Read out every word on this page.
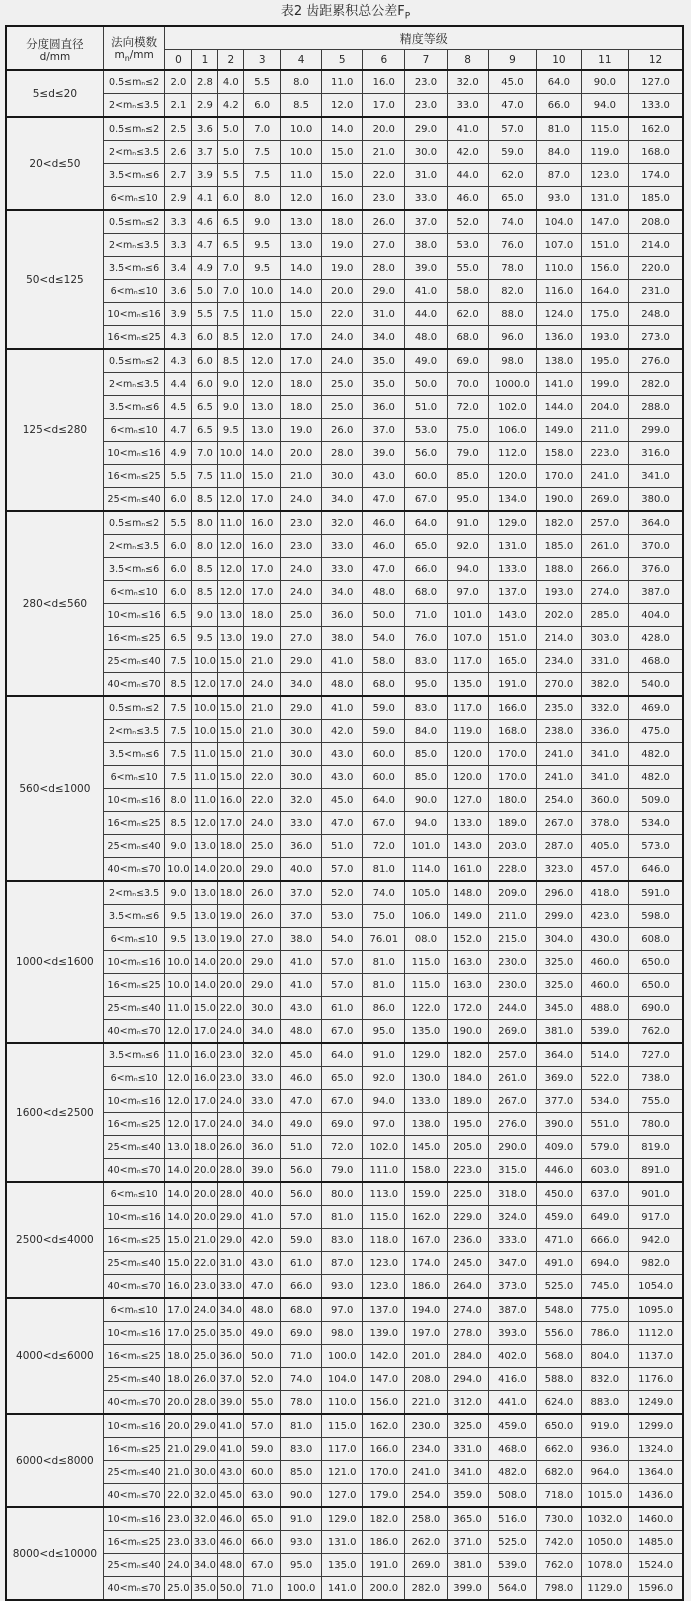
表2 齿距累积总公差$F_P$
分度圆直径
d/mm	法向模数
$m_n/mm$	精度等级												
		0	1	2	3	4	5	6	7	8	9	10	11	12
5≤d≤20	0.5≤mₙ≤2	2.0	2.8	4.0	5.5	8.0	11.0	16.0	23.0	32.0	45.0	64.0	90.0	127.0
	2<mₙ≤3.5	2.1	2.9	4.2	6.0	8.5	12.0	17.0	23.0	33.0	47.0	66.0	94.0	133.0
20<d≤50	0.5≤mₙ≤2	2.5	3.6	5.0	7.0	10.0	14.0	20.0	29.0	41.0	57.0	81.0	115.0	162.0
	2<mₙ≤3.5	2.6	3.7	5.0	7.5	10.0	15.0	21.0	30.0	42.0	59.0	84.0	119.0	168.0
	3.5<mₙ≤6	2.7	3.9	5.5	7.5	11.0	15.0	22.0	31.0	44.0	62.0	87.0	123.0	174.0
	6<mₙ≤10	2.9	4.1	6.0	8.0	12.0	16.0	23.0	33.0	46.0	65.0	93.0	131.0	185.0
50<d≤125	0.5≤mₙ≤2	3.3	4.6	6.5	9.0	13.0	18.0	26.0	37.0	52.0	74.0	104.0	147.0	208.0
	2<mₙ≤3.5	3.3	4.7	6.5	9.5	13.0	19.0	27.0	38.0	53.0	76.0	107.0	151.0	214.0
	3.5<mₙ≤6	3.4	4.9	7.0	9.5	14.0	19.0	28.0	39.0	55.0	78.0	110.0	156.0	220.0
	6<mₙ≤10	3.6	5.0	7.0	10.0	14.0	20.0	29.0	41.0	58.0	82.0	116.0	164.0	231.0
	10<mₙ≤16	3.9	5.5	7.5	11.0	15.0	22.0	31.0	44.0	62.0	88.0	124.0	175.0	248.0
	16<mₙ≤25	4.3	6.0	8.5	12.0	17.0	24.0	34.0	48.0	68.0	96.0	136.0	193.0	273.0
125<d≤280	0.5≤mₙ≤2	4.3	6.0	8.5	12.0	17.0	24.0	35.0	49.0	69.0	98.0	138.0	195.0	276.0
	2<mₙ≤3.5	4.4	6.0	9.0	12.0	18.0	25.0	35.0	50.0	70.0	1000.0	141.0	199.0	282.0
	3.5<mₙ≤6	4.5	6.5	9.0	13.0	18.0	25.0	36.0	51.0	72.0	102.0	144.0	204.0	288.0
	6<mₙ≤10	4.7	6.5	9.5	13.0	19.0	26.0	37.0	53.0	75.0	106.0	149.0	211.0	299.0
	10<mₙ≤16	4.9	7.0	10.0	14.0	20.0	28.0	39.0	56.0	79.0	112.0	158.0	223.0	316.0
	16<mₙ≤25	5.5	7.5	11.0	15.0	21.0	30.0	43.0	60.0	85.0	120.0	170.0	241.0	341.0
	25<mₙ≤40	6.0	8.5	12.0	17.0	24.0	34.0	47.0	67.0	95.0	134.0	190.0	269.0	380.0
280<d≤560	0.5≤mₙ≤2	5.5	8.0	11.0	16.0	23.0	32.0	46.0	64.0	91.0	129.0	182.0	257.0	364.0
	2<mₙ≤3.5	6.0	8.0	12.0	16.0	23.0	33.0	46.0	65.0	92.0	131.0	185.0	261.0	370.0
	3.5<mₙ≤6	6.0	8.5	12.0	17.0	24.0	33.0	47.0	66.0	94.0	133.0	188.0	266.0	376.0
	6<mₙ≤10	6.0	8.5	12.0	17.0	24.0	34.0	48.0	68.0	97.0	137.0	193.0	274.0	387.0
	10<mₙ≤16	6.5	9.0	13.0	18.0	25.0	36.0	50.0	71.0	101.0	143.0	202.0	285.0	404.0
	16<mₙ≤25	6.5	9.5	13.0	19.0	27.0	38.0	54.0	76.0	107.0	151.0	214.0	303.0	428.0
	25<mₙ≤40	7.5	10.0	15.0	21.0	29.0	41.0	58.0	83.0	117.0	165.0	234.0	331.0	468.0
	40<mₙ≤70	8.5	12.0	17.0	24.0	34.0	48.0	68.0	95.0	135.0	191.0	270.0	382.0	540.0
560<d≤1000	0.5≤mₙ≤2	7.5	10.0	15.0	21.0	29.0	41.0	59.0	83.0	117.0	166.0	235.0	332.0	469.0
	2<mₙ≤3.5	7.5	10.0	15.0	21.0	30.0	42.0	59.0	84.0	119.0	168.0	238.0	336.0	475.0
	3.5<mₙ≤6	7.5	11.0	15.0	21.0	30.0	43.0	60.0	85.0	120.0	170.0	241.0	341.0	482.0
	6<mₙ≤10	7.5	11.0	15.0	22.0	30.0	43.0	60.0	85.0	120.0	170.0	241.0	341.0	482.0
	10<mₙ≤16	8.0	11.0	16.0	22.0	32.0	45.0	64.0	90.0	127.0	180.0	254.0	360.0	509.0
	16<mₙ≤25	8.5	12.0	17.0	24.0	33.0	47.0	67.0	94.0	133.0	189.0	267.0	378.0	534.0
	25<mₙ≤40	9.0	13.0	18.0	25.0	36.0	51.0	72.0	101.0	143.0	203.0	287.0	405.0	573.0
	40<mₙ≤70	10.0	14.0	20.0	29.0	40.0	57.0	81.0	114.0	161.0	228.0	323.0	457.0	646.0
1000<d≤1600	2<mₙ≤3.5	9.0	13.0	18.0	26.0	37.0	52.0	74.0	105.0	148.0	209.0	296.0	418.0	591.0
	3.5<mₙ≤6	9.5	13.0	19.0	26.0	37.0	53.0	75.0	106.0	149.0	211.0	299.0	423.0	598.0
	6<mₙ≤10	9.5	13.0	19.0	27.0	38.0	54.0	76.01	08.0	152.0	215.0	304.0	430.0	608.0
	10<mₙ≤16	10.0	14.0	20.0	29.0	41.0	57.0	81.0	115.0	163.0	230.0	325.0	460.0	650.0
	16<mₙ≤25	10.0	14.0	20.0	29.0	41.0	57.0	81.0	115.0	163.0	230.0	325.0	460.0	650.0
	25<mₙ≤40	11.0	15.0	22.0	30.0	43.0	61.0	86.0	122.0	172.0	244.0	345.0	488.0	690.0
	40<mₙ≤70	12.0	17.0	24.0	34.0	48.0	67.0	95.0	135.0	190.0	269.0	381.0	539.0	762.0
1600<d≤2500	3.5<mₙ≤6	11.0	16.0	23.0	32.0	45.0	64.0	91.0	129.0	182.0	257.0	364.0	514.0	727.0
	6<mₙ≤10	12.0	16.0	23.0	33.0	46.0	65.0	92.0	130.0	184.0	261.0	369.0	522.0	738.0
	10<mₙ≤16	12.0	17.0	24.0	33.0	47.0	67.0	94.0	133.0	189.0	267.0	377.0	534.0	755.0
	16<mₙ≤25	12.0	17.0	24.0	34.0	49.0	69.0	97.0	138.0	195.0	276.0	390.0	551.0	780.0
	25<mₙ≤40	13.0	18.0	26.0	36.0	51.0	72.0	102.0	145.0	205.0	290.0	409.0	579.0	819.0
	40<mₙ≤70	14.0	20.0	28.0	39.0	56.0	79.0	111.0	158.0	223.0	315.0	446.0	603.0	891.0
2500<d≤4000	6<mₙ≤10	14.0	20.0	28.0	40.0	56.0	80.0	113.0	159.0	225.0	318.0	450.0	637.0	901.0
	10<mₙ≤16	14.0	20.0	29.0	41.0	57.0	81.0	115.0	162.0	229.0	324.0	459.0	649.0	917.0
	16<mₙ≤25	15.0	21.0	29.0	42.0	59.0	83.0	118.0	167.0	236.0	333.0	471.0	666.0	942.0
	25<mₙ≤40	15.0	22.0	31.0	43.0	61.0	87.0	123.0	174.0	245.0	347.0	491.0	694.0	982.0
	40<mₙ≤70	16.0	23.0	33.0	47.0	66.0	93.0	123.0	186.0	264.0	373.0	525.0	745.0	1054.0
4000<d≤6000	6<mₙ≤10	17.0	24.0	34.0	48.0	68.0	97.0	137.0	194.0	274.0	387.0	548.0	775.0	1095.0
	10<mₙ≤16	17.0	25.0	35.0	49.0	69.0	98.0	139.0	197.0	278.0	393.0	556.0	786.0	1112.0
	16<mₙ≤25	18.0	25.0	36.0	50.0	71.0	100.0	142.0	201.0	284.0	402.0	568.0	804.0	1137.0
	25<mₙ≤40	18.0	26.0	37.0	52.0	74.0	104.0	147.0	208.0	294.0	416.0	588.0	832.0	1176.0
	40<mₙ≤70	20.0	28.0	39.0	55.0	78.0	110.0	156.0	221.0	312.0	441.0	624.0	883.0	1249.0
6000<d≤8000	10<mₙ≤16	20.0	29.0	41.0	57.0	81.0	115.0	162.0	230.0	325.0	459.0	650.0	919.0	1299.0
	16<mₙ≤25	21.0	29.0	41.0	59.0	83.0	117.0	166.0	234.0	331.0	468.0	662.0	936.0	1324.0
	25<mₙ≤40	21.0	30.0	43.0	60.0	85.0	121.0	170.0	241.0	341.0	482.0	682.0	964.0	1364.0
	40<mₙ≤70	22.0	32.0	45.0	63.0	90.0	127.0	179.0	254.0	359.0	508.0	718.0	1015.0	1436.0
8000<d≤10000	10<mₙ≤16	23.0	32.0	46.0	65.0	91.0	129.0	182.0	258.0	365.0	516.0	730.0	1032.0	1460.0
	16<mₙ≤25	23.0	33.0	46.0	66.0	93.0	131.0	186.0	262.0	371.0	525.0	742.0	1050.0	1485.0
	25<mₙ≤40	24.0	34.0	48.0	67.0	95.0	135.0	191.0	269.0	381.0	539.0	762.0	1078.0	1524.0
	40<mₙ≤70	25.0	35.0	50.0	71.0	100.0	141.0	200.0	282.0	399.0	564.0	798.0	1129.0	1596.0
